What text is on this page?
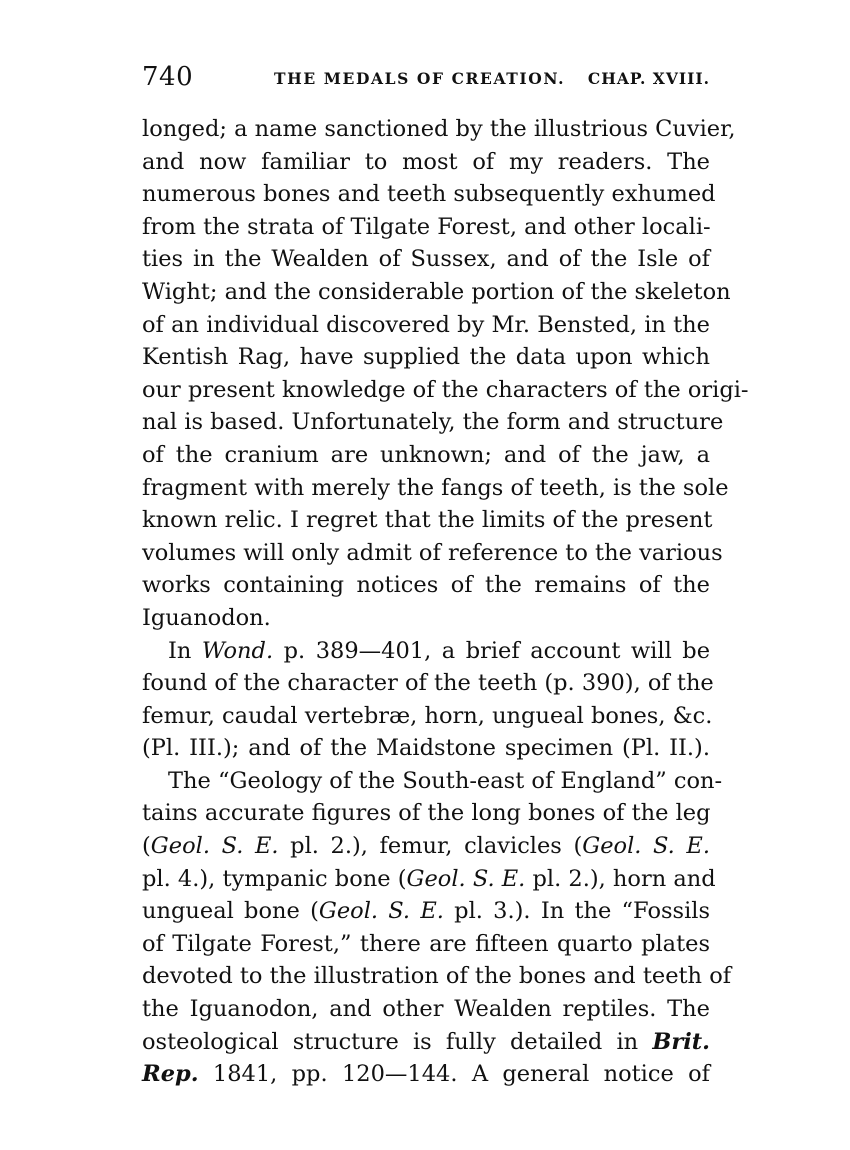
740	THE MEDALS OF CREATION. CHAP. XVIII.
longed; a name sanctioned by the illustrious Cuvier,
and now familiar to most of my readers. The
numerous bones and teeth subsequently exhumed
from the strata of Tilgate Forest, and other locali-
ties in the Wealden of Sussex, and of the Isle of
Wight; and the considerable portion of the skeleton
of an individual discovered by Mr. Bensted, in the
Kentish Rag, have supplied the data upon which
our present knowledge of the characters of the origi-
nal is based. Unfortunately, the form and structure
of the cranium are unknown; and of the jaw, a
fragment with merely the fangs of teeth, is the sole
known relic. I regret that the limits of the present
volumes will only admit of reference to the various
works containing notices of the remains of the
Iguanodon.
In Wond. p. 389—401, a brief account will be
found of the character of the teeth (p. 390), of the
femur, caudal vertebræ, horn, ungueal bones, &c.
(Pl. III.); and of the Maidstone specimen (Pl. II.).
The “Geology of the South-east of England” con-
tains accurate figures of the long bones of the leg
(Geol. S. E. pl. 2.), femur, clavicles (Geol. S. E.
pl. 4.), tympanic bone (Geol. S. E. pl. 2.), horn and
ungueal bone (Geol. S. E. pl. 3.). In the “Fossils
of Tilgate Forest,” there are fifteen quarto plates
devoted to the illustration of the bones and teeth of
the Iguanodon, and other Wealden reptiles. The
osteological structure is fully detailed in Brit.
Rep. 1841, pp. 120—144. A general notice of
